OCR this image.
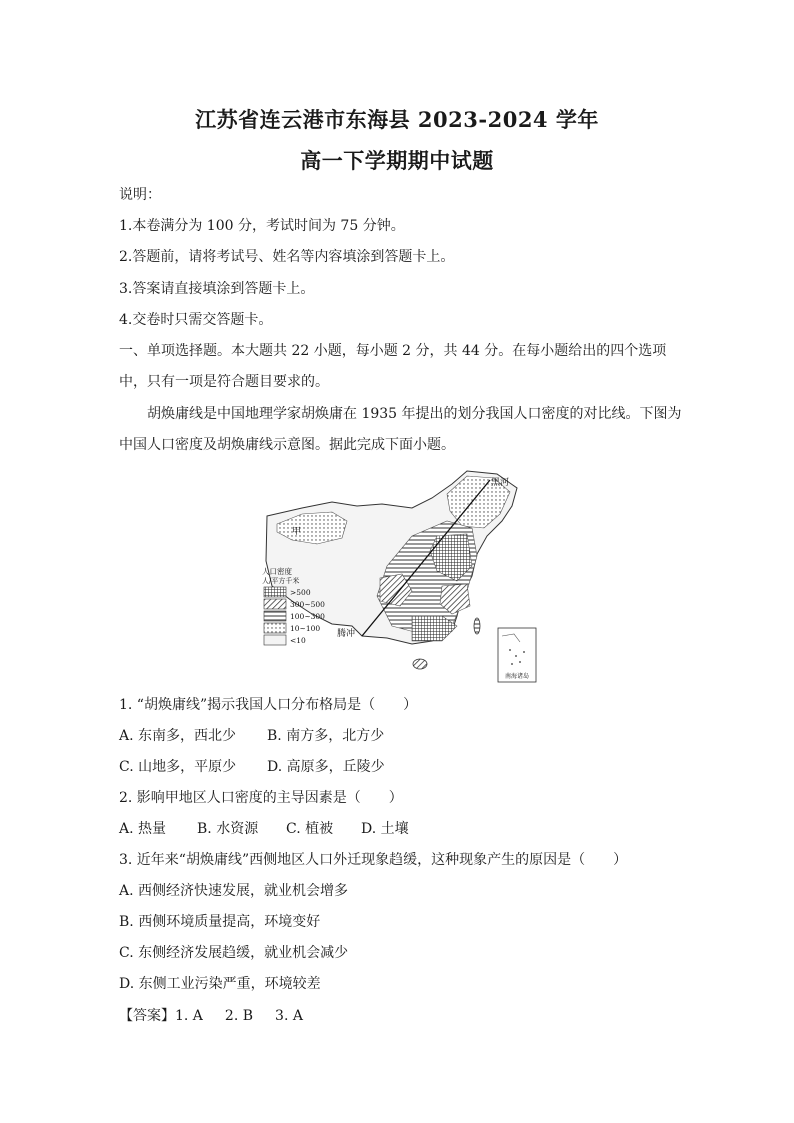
江苏省连云港市东海县 2023-2024 学年
高一下学期期中试题
说明：
1.本卷满分为 100 分，考试时间为 75 分钟。
2.答题前，请将考试号、姓名等内容填涂到答题卡上。
3.答案请直接填涂到答题卡上。
4.交卷时只需交答题卡。
一、单项选择题。本大题共 22 小题，每小题 2 分，共 44 分。在每小题给出的四个选项
中，只有一项是符合题目要求的。
胡焕庸线是中国地理学家胡焕庸在 1935 年提出的划分我国人口密度的对比线。下图为
中国人口密度及胡焕庸线示意图。据此完成下面小题。
黑河
甲
腾冲
人口密度
人/平方千米
>500
300~500
100~300
10~100
<10
南海诸岛
1. “胡焕庸线”揭示我国人口分布格局是（　　）
A. 东南多，西北少 B. 南方多，北方少
C. 山地多，平原少 D. 高原多，丘陵少
2. 影响甲地区人口密度的主导因素是（　　）
A. 热量 B. 水资源 C. 植被 D. 土壤
3. 近年来“胡焕庸线”西侧地区人口外迁现象趋缓，这种现象产生的原因是（　　）
A. 西侧经济快速发展，就业机会增多
B. 西侧环境质量提高，环境变好
C. 东侧经济发展趋缓，就业机会减少
D. 东侧工业污染严重，环境较差
【答案】1. A 2. B 3. A
